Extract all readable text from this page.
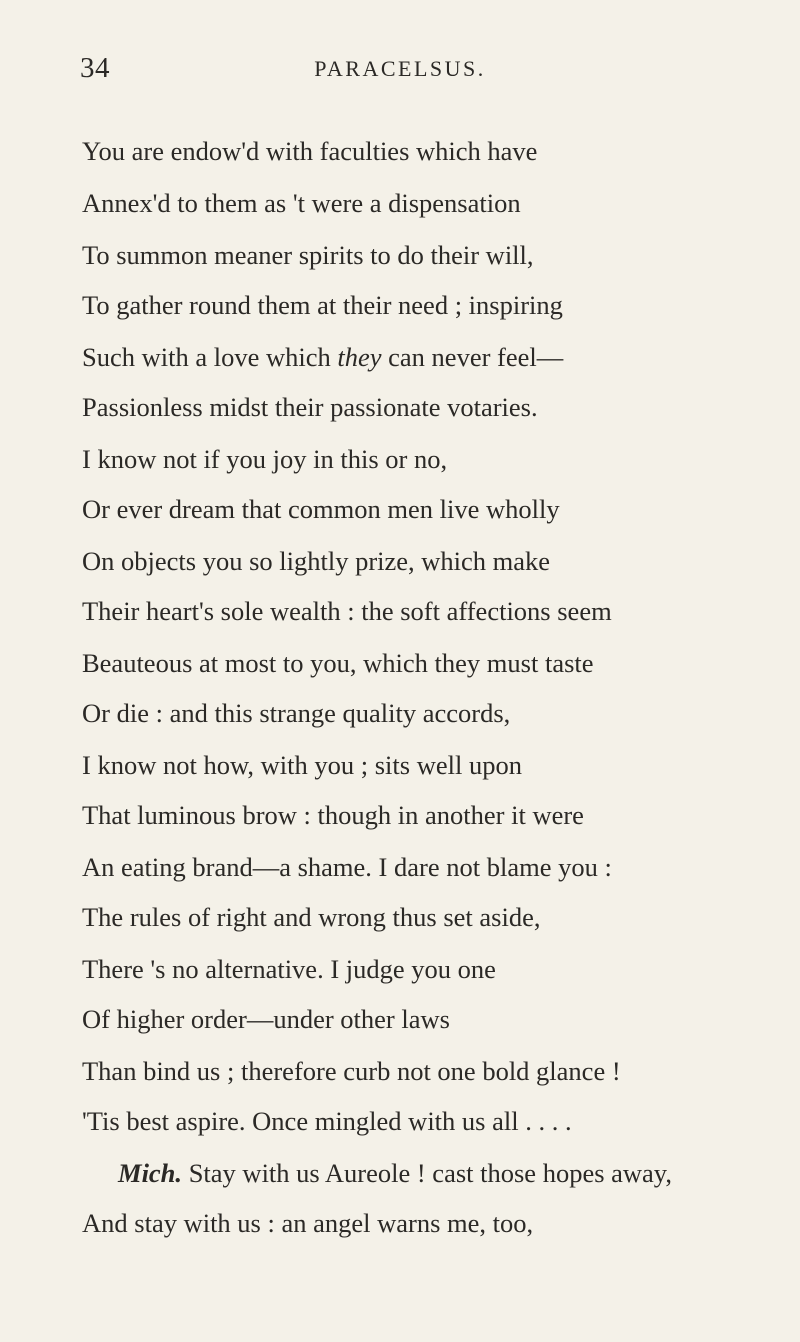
34	PARACELSUS.
You are endow'd with faculties which have
Annex'd to them as 't were a dispensation
To summon meaner spirits to do their will,
To gather round them at their need ; inspiring
Such with a love which they can never feel—
Passionless midst their passionate votaries.
I know not if you joy in this or no,
Or ever dream that common men live wholly
On objects you so lightly prize, which make
Their heart's sole wealth : the soft affections seem
Beauteous at most to you, which they must taste
Or die : and this strange quality accords,
I know not how, with you ; sits well upon
That luminous brow : though in another it were
An eating brand—a shame. I dare not blame you :
The rules of right and wrong thus set aside,
There 's no alternative. I judge you one
Of higher order—under other laws
Than bind us ; therefore curb not one bold glance !
'Tis best aspire. Once mingled with us all . . . .
Mich. Stay with us Aureole ! cast those hopes away,
And stay with us : an angel warns me, too,
